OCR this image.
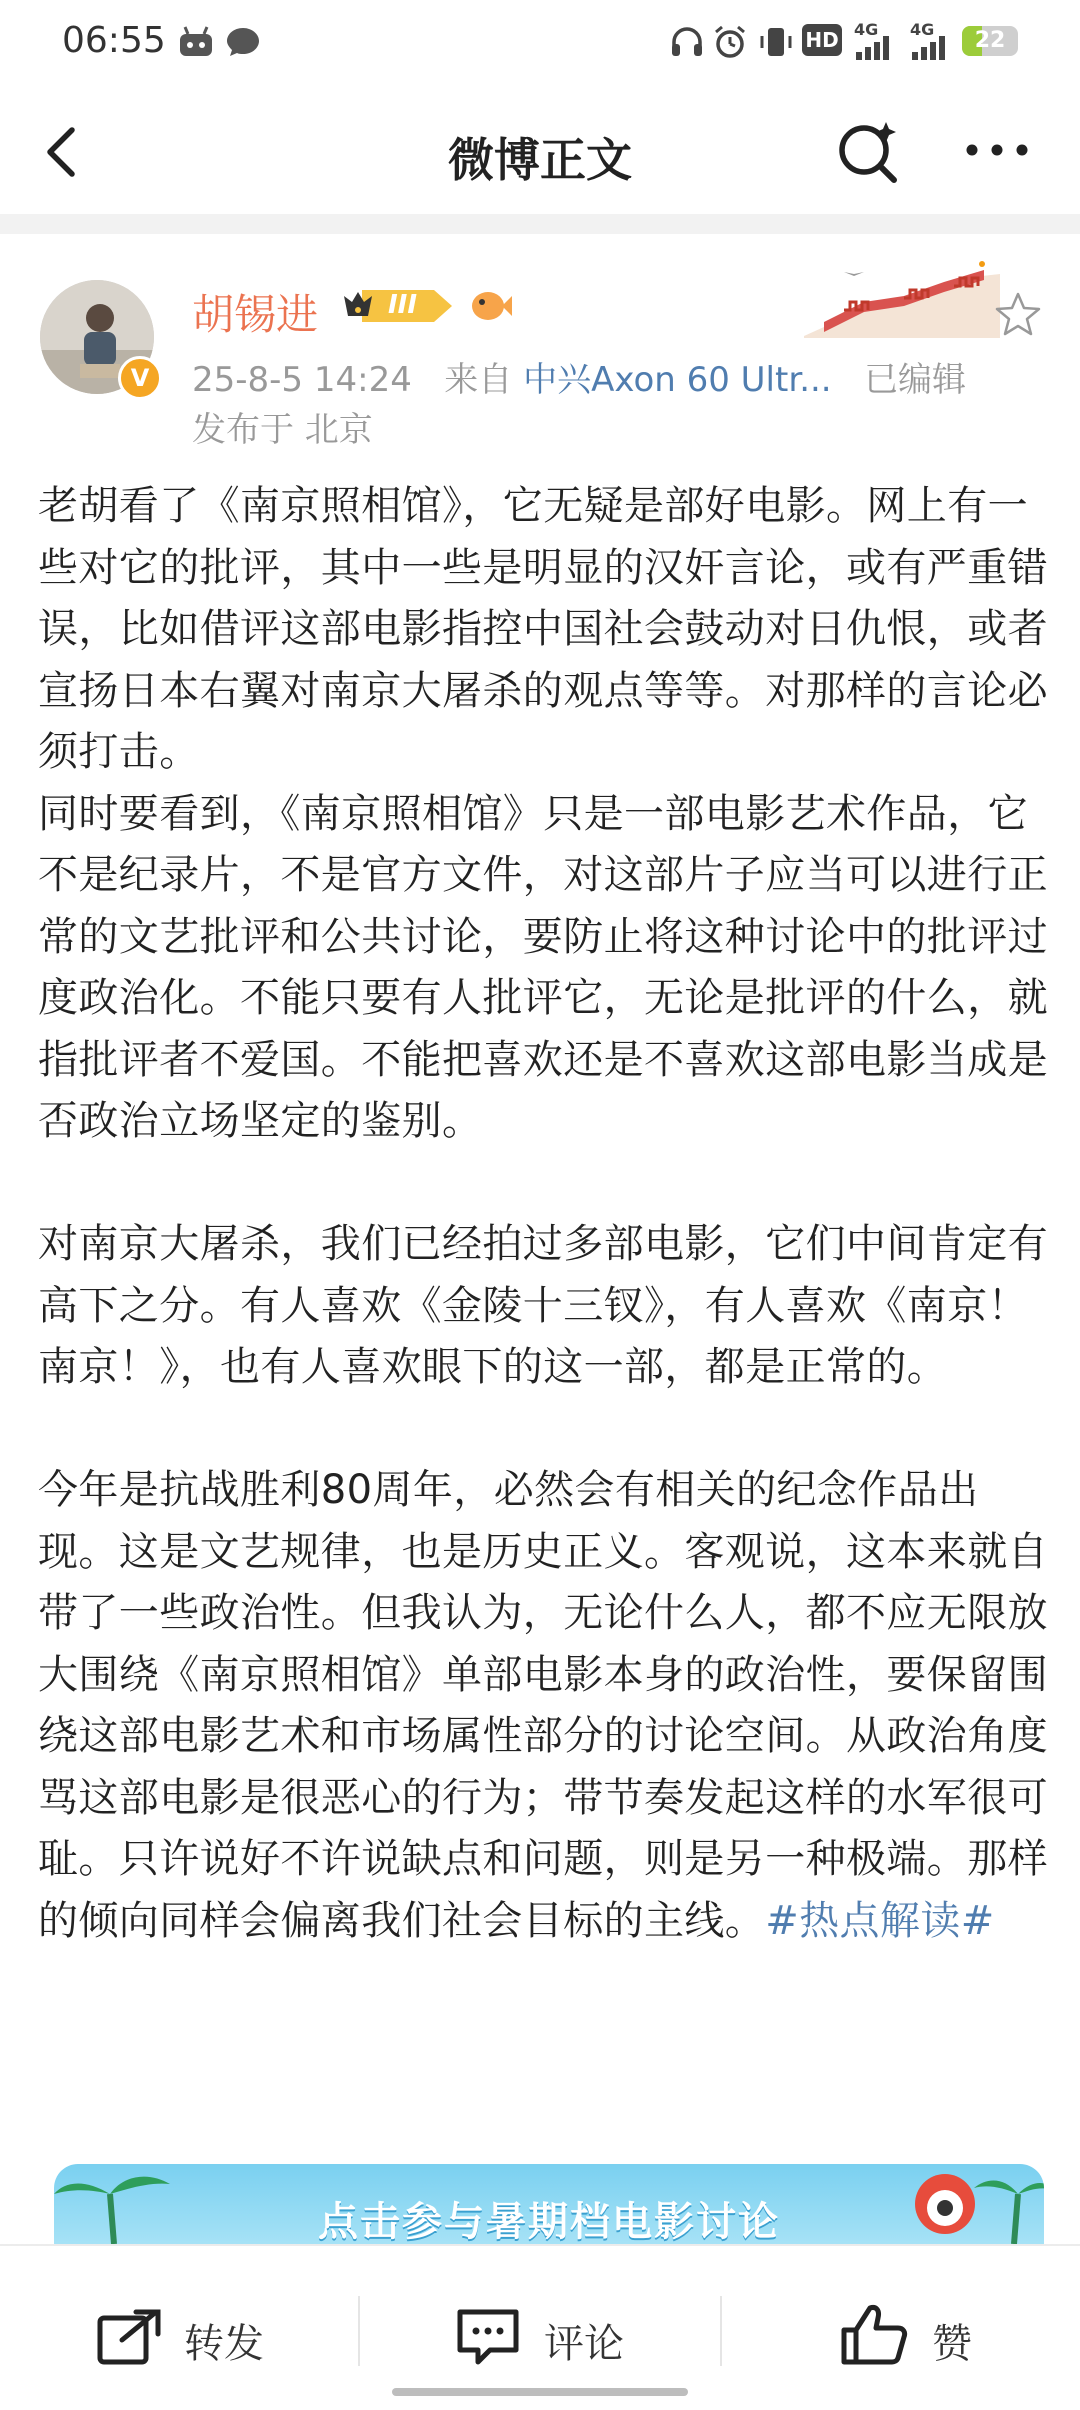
06:55	HD 4G 4G	22
微博正文
V
胡锡进	III
25-8-5 14:24 来自 中兴Axon 60 Ultr... 已编辑
发布于 北京

老胡看了《南京照相馆》，它无疑是部好电影。网上有一些对它的批评，其中一些是明显的汉奸言论，或有严重错误，比如借评这部电影指控中国社会鼓动对日仇恨，或者宣扬日本右翼对南京大屠杀的观点等等。对那样的言论必须打击。

同时要看到，《南京照相馆》只是一部电影艺术作品，它不是纪录片，不是官方文件，对这部片子应当可以进行正常的文艺批评和公共讨论，要防止将这种讨论中的批评过度政治化。不能只要有人批评它，无论是批评的什么，就指批评者不爱国。不能把喜欢还是不喜欢这部电影当成是否政治立场坚定的鉴别。

对南京大屠杀，我们已经拍过多部电影，它们中间肯定有高下之分。有人喜欢《金陵十三钗》，有人喜欢《南京！南京！》，也有人喜欢眼下的这一部，都是正常的。

今年是抗战胜利80周年，必然会有相关的纪念作品出现。这是文艺规律，也是历史正义。客观说，这本来就自带了一些政治性。但我认为，无论什么人，都不应无限放大围绕《南京照相馆》单部电影本身的政治性，要保留围绕这部电影艺术和市场属性部分的讨论空间。从政治角度骂这部电影是很恶心的行为；带节奏发起这样的水军很可耻。只许说好不许说缺点和问题，则是另一种极端。那样的倾向同样会偏离我们社会目标的主线。#热点解读#

点击参与暑期档电影讨论
转发	评论	赞
